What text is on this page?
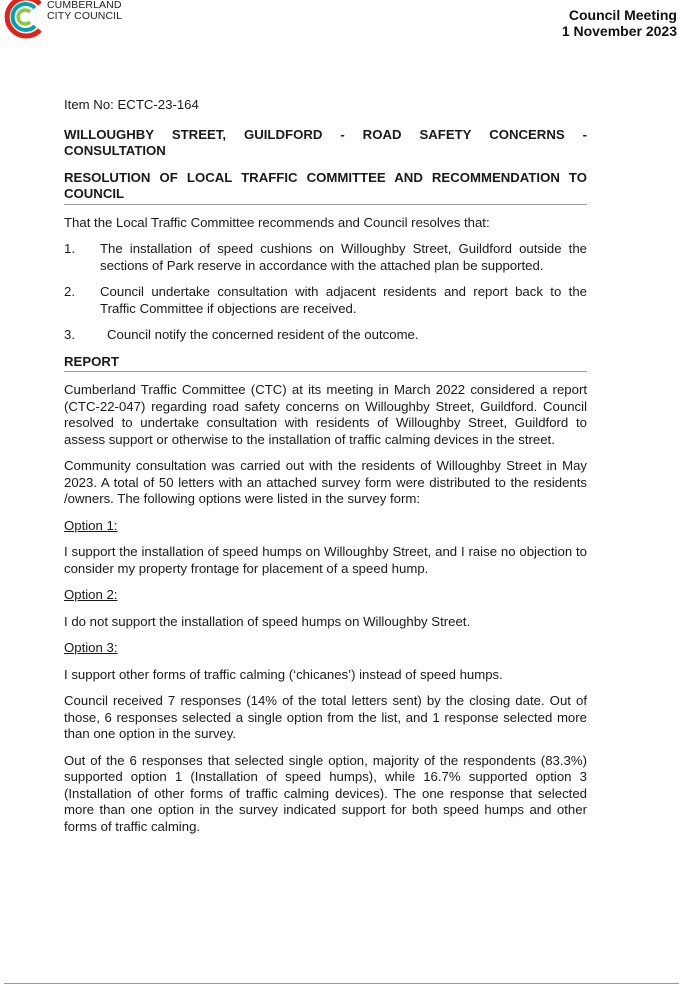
CUMBERLAND
CITY COUNCIL	Council Meeting
1 November 2023
Item No: ECTC-23-164
WILLOUGHBY STREET, GUILDFORD - ROAD SAFETY CONCERNS - CONSULTATION
RESOLUTION OF LOCAL TRAFFIC COMMITTEE AND RECOMMENDATION TO COUNCIL

That the Local Traffic Committee recommends and Council resolves that:

1.	The installation of speed cushions on Willoughby Street, Guildford outside the sections of Park reserve in accordance with the attached plan be supported.
2.	Council undertake consultation with adjacent residents and report back to the Traffic Committee if objections are received.
3.	Council notify the concerned resident of the outcome.
REPORT

Cumberland Traffic Committee (CTC) at its meeting in March 2022 considered a report (CTC-22-047) regarding road safety concerns on Willoughby Street, Guildford. Council resolved to undertake consultation with residents of Willoughby Street, Guildford to assess support or otherwise to the installation of traffic calming devices in the street.

Community consultation was carried out with the residents of Willoughby Street in May 2023. A total of 50 letters with an attached survey form were distributed to the residents /owners. The following options were listed in the survey form:

Option 1:

I support the installation of speed humps on Willoughby Street, and I raise no objection to consider my property frontage for placement of a speed hump.

Option 2:

I do not support the installation of speed humps on Willoughby Street.

Option 3:

I support other forms of traffic calming (‘chicanes’) instead of speed humps.

Council received 7 responses (14% of the total letters sent) by the closing date. Out of those, 6 responses selected a single option from the list, and 1 response selected more than one option in the survey.

Out of the 6 responses that selected single option, majority of the respondents (83.3%) supported option 1 (Installation of speed humps), while 16.7% supported option 3 (Installation of other forms of traffic calming devices). The one response that selected more than one option in the survey indicated support for both speed humps and other forms of traffic calming.
